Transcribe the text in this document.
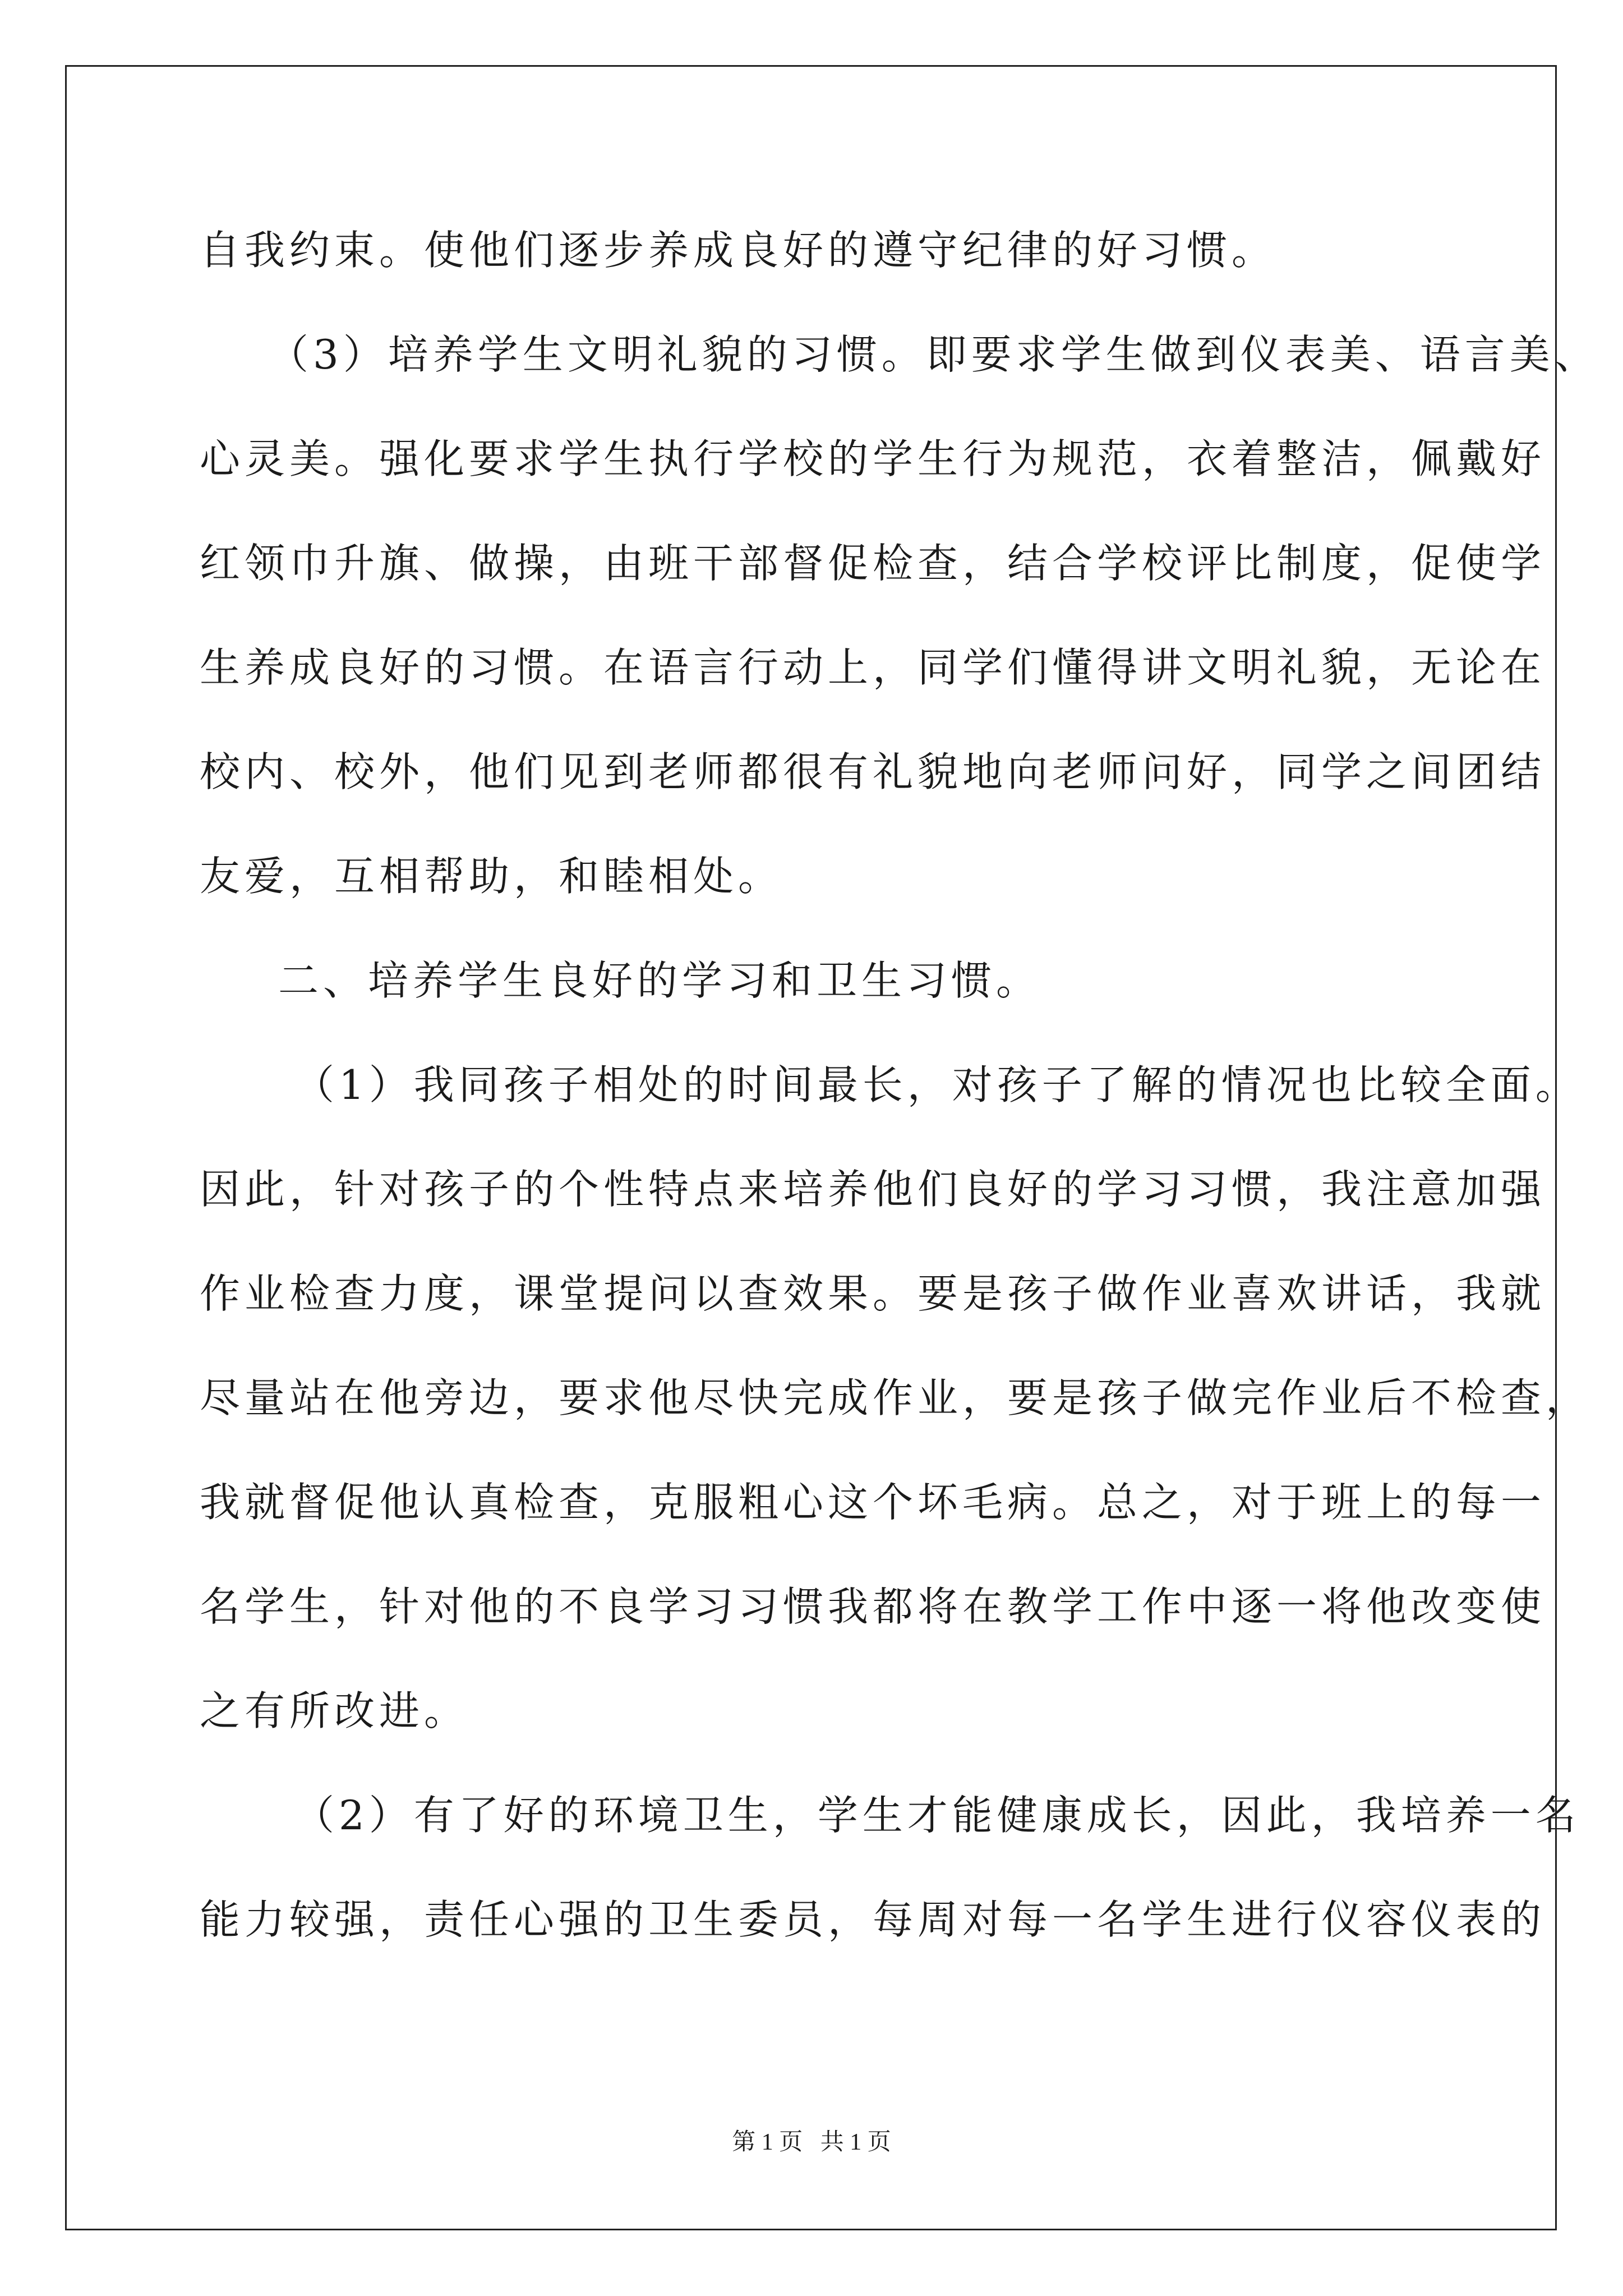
自我约束。使他们逐步养成良好的遵守纪律的好习惯。
（3）培养学生文明礼貌的习惯。即要求学生做到仪表美、语言美、
心灵美。强化要求学生执行学校的学生行为规范，衣着整洁，佩戴好
红领巾升旗、做操，由班干部督促检查，结合学校评比制度，促使学
生养成良好的习惯。在语言行动上，同学们懂得讲文明礼貌，无论在
校内、校外，他们见到老师都很有礼貌地向老师问好，同学之间团结
友爱，互相帮助，和睦相处。
二、培养学生良好的学习和卫生习惯。
（1）我同孩子相处的时间最长，对孩子了解的情况也比较全面。
因此，针对孩子的个性特点来培养他们良好的学习习惯，我注意加强
作业检查力度，课堂提问以查效果。要是孩子做作业喜欢讲话，我就
尽量站在他旁边，要求他尽快完成作业，要是孩子做完作业后不检查，
我就督促他认真检查，克服粗心这个坏毛病。总之，对于班上的每一
名学生，针对他的不良学习习惯我都将在教学工作中逐一将他改变使
之有所改进。
（2）有了好的环境卫生，学生才能健康成长，因此，我培养一名
能力较强，责任心强的卫生委员，每周对每一名学生进行仪容仪表的
第 1 页   共 1 页
